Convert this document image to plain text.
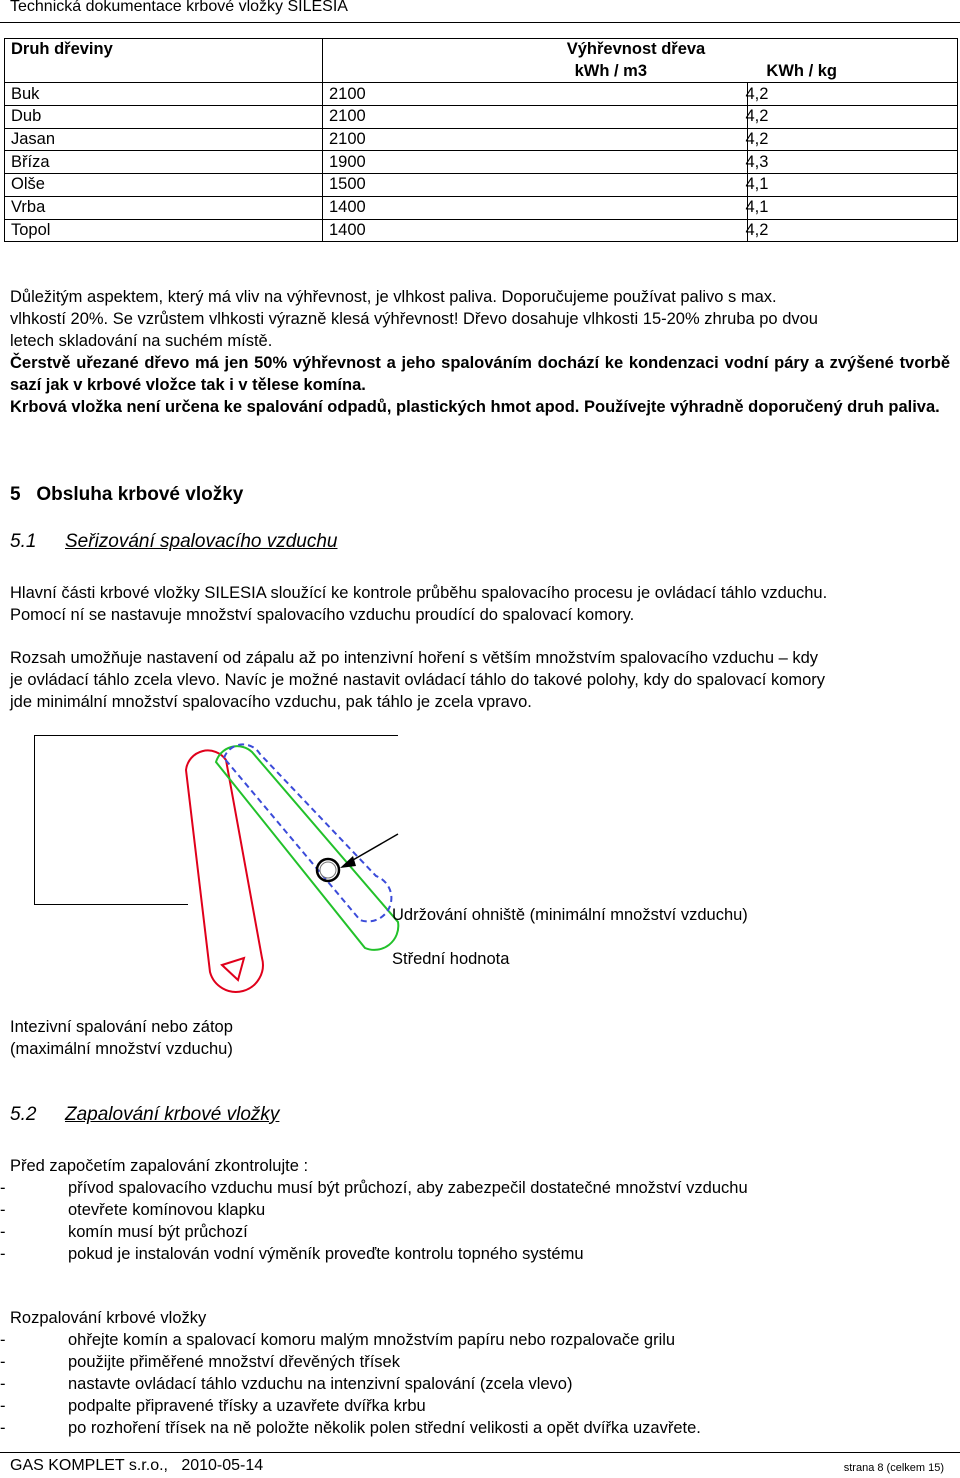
Technická dokumentace krbové vložky SILESIA
Druh dřeviny	Výhřevnost dřeva	
	kWh / m3	KWh / kg
Buk	2100	4,2
Dub	2100	4,2
Jasan	2100	4,2
Bříza	1900	4,3
Olše	1500	4,1
Vrba	1400	4,1
Topol	1400	4,2
Důležitým aspektem, který má vliv na výhřevnost, je vlhkost paliva. Doporučujeme používat palivo s max.
vlhkostí 20%. Se vzrůstem vlhkosti výrazně klesá výhřevnost! Dřevo dosahuje vlhkosti 15-20% zhruba po dvou
letech skladování na suchém místě.
Čerstvě uřezané dřevo má jen 50% výhřevnost a jeho spalováním dochází ke kondenzaci vodní páry a zvýšené tvorbě sazí jak v krbové vložce tak i v tělese komína.
Krbová vložka není určena ke spalování odpadů, plastických hmot apod. Používejte výhradně doporučený druh paliva.
5   Obsluha krbové vložky
5.1 Seřizování spalovacího vzduchu
Hlavní části krbové vložky SILESIA sloužící ke kontrole průběhu spalovacího procesu je ovládací táhlo vzduchu.
Pomocí ní se nastavuje množství spalovacího vzduchu proudící do spalovací komory.
Rozsah umožňuje nastavení od zápalu až po intenzivní hoření s větším množstvím spalovacího vzduchu – kdy
je ovládací táhlo zcela vlevo. Navíc je možné nastavit ovládací táhlo do takové polohy, kdy do spalovací komory
jde minimální množství spalovacího vzduchu, pak táhlo je zcela vpravo.
Udržování ohniště (minimální množství vzduchu)
Střední hodnota
Intezivní spalování nebo zátop
(maximální množství vzduchu)
5.2 Zapalování krbové vložky
Před započetím zapalování zkontrolujte :
-	přívod spalovacího vzduchu musí být průchozí, aby zabezpečil dostatečné množství vzduchu
-	otevřete komínovou klapku
-	komín musí být průchozí
-	pokud je instalován vodní výměník proveďte kontrolu topného systému
Rozpalování krbové vložky
-	ohřejte komín a spalovací komoru malým množstvím papíru nebo rozpalovače grilu
-	použijte přiměřené množství dřevěných třísek
-	nastavte ovládací táhlo vzduchu na intenzivní spalování (zcela vlevo)
-	podpalte připravené třísky a uzavřete dvířka krbu
-	po rozhoření třísek na ně položte několik polen střední velikosti a opět dvířka uzavřete.
GAS KOMPLET s.r.o.,   2010-05-14	strana 8 (celkem 15)
